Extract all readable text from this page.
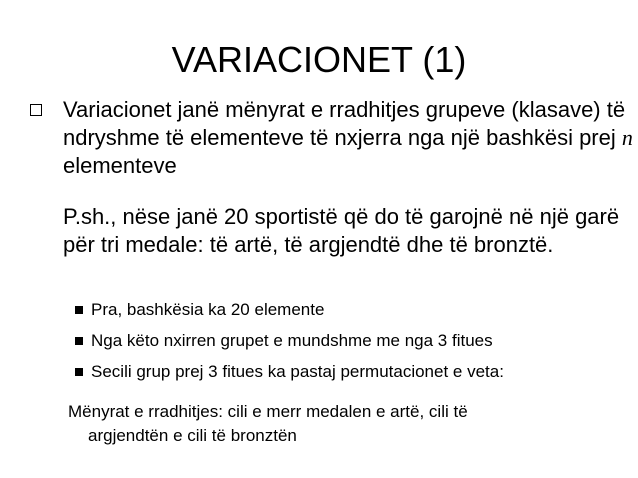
VARIACIONET (1)
Variacionet janë mënyrat e rradhitjes grupeve (klasave) të ndryshme të elementeve të nxjerra nga një bashkësi prej n elementeve
P.sh., nëse janë 20 sportistë që do të garojnë në një garë për tri medale: të artë, të argjendtë dhe të bronztë.
Pra, bashkësia ka 20 elemente
Nga këto nxirren grupet e mundshme me nga 3 fitues
Secili grup prej 3 fitues ka pastaj permutacionet e veta:
Mënyrat e rradhitjes: cili e merr medalen e artë, cili të
argjendtën e cili të bronztën
